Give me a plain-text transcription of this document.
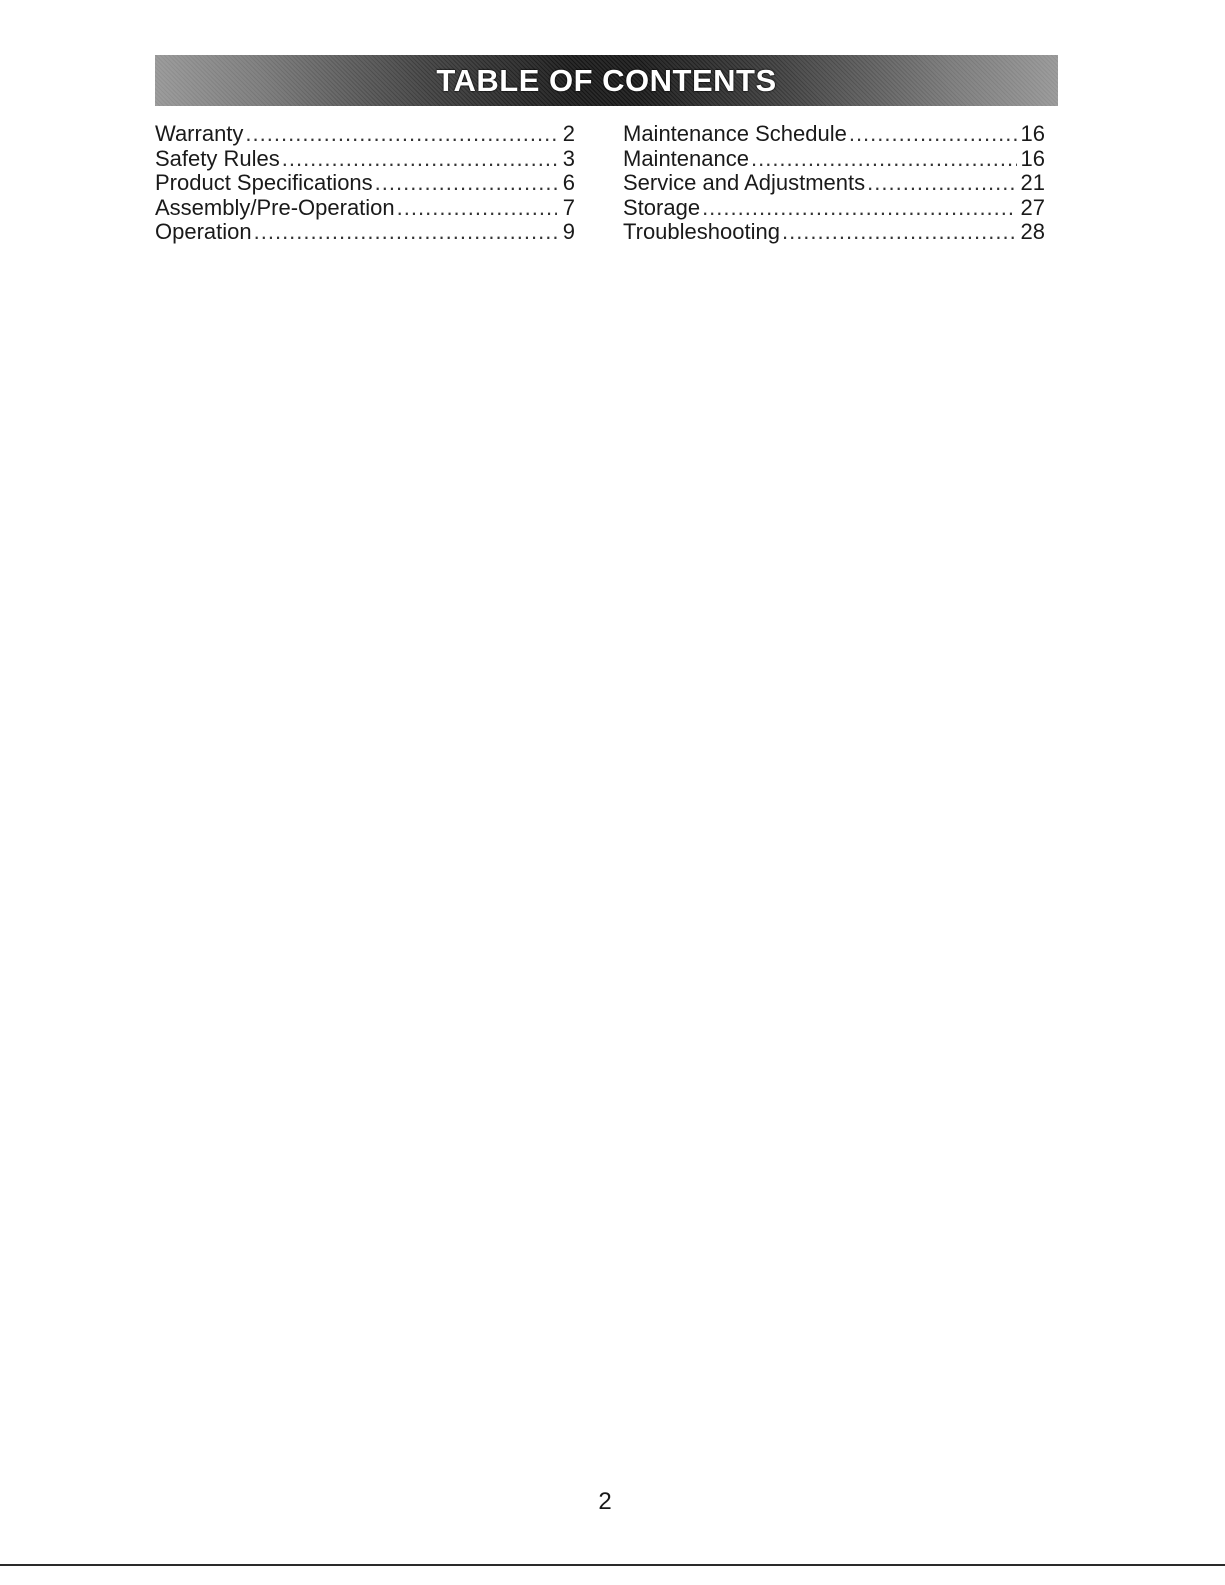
TABLE OF CONTENTS
Warranty .....	2
Safety Rules .....	3
Product Specifications .....	6
Assembly/Pre-Operation .....	7
Operation .....	9
Maintenance Schedule .....	16
Maintenance .....	16
Service and Adjustments .....	21
Storage .....	27
Troubleshooting .....	28
2
